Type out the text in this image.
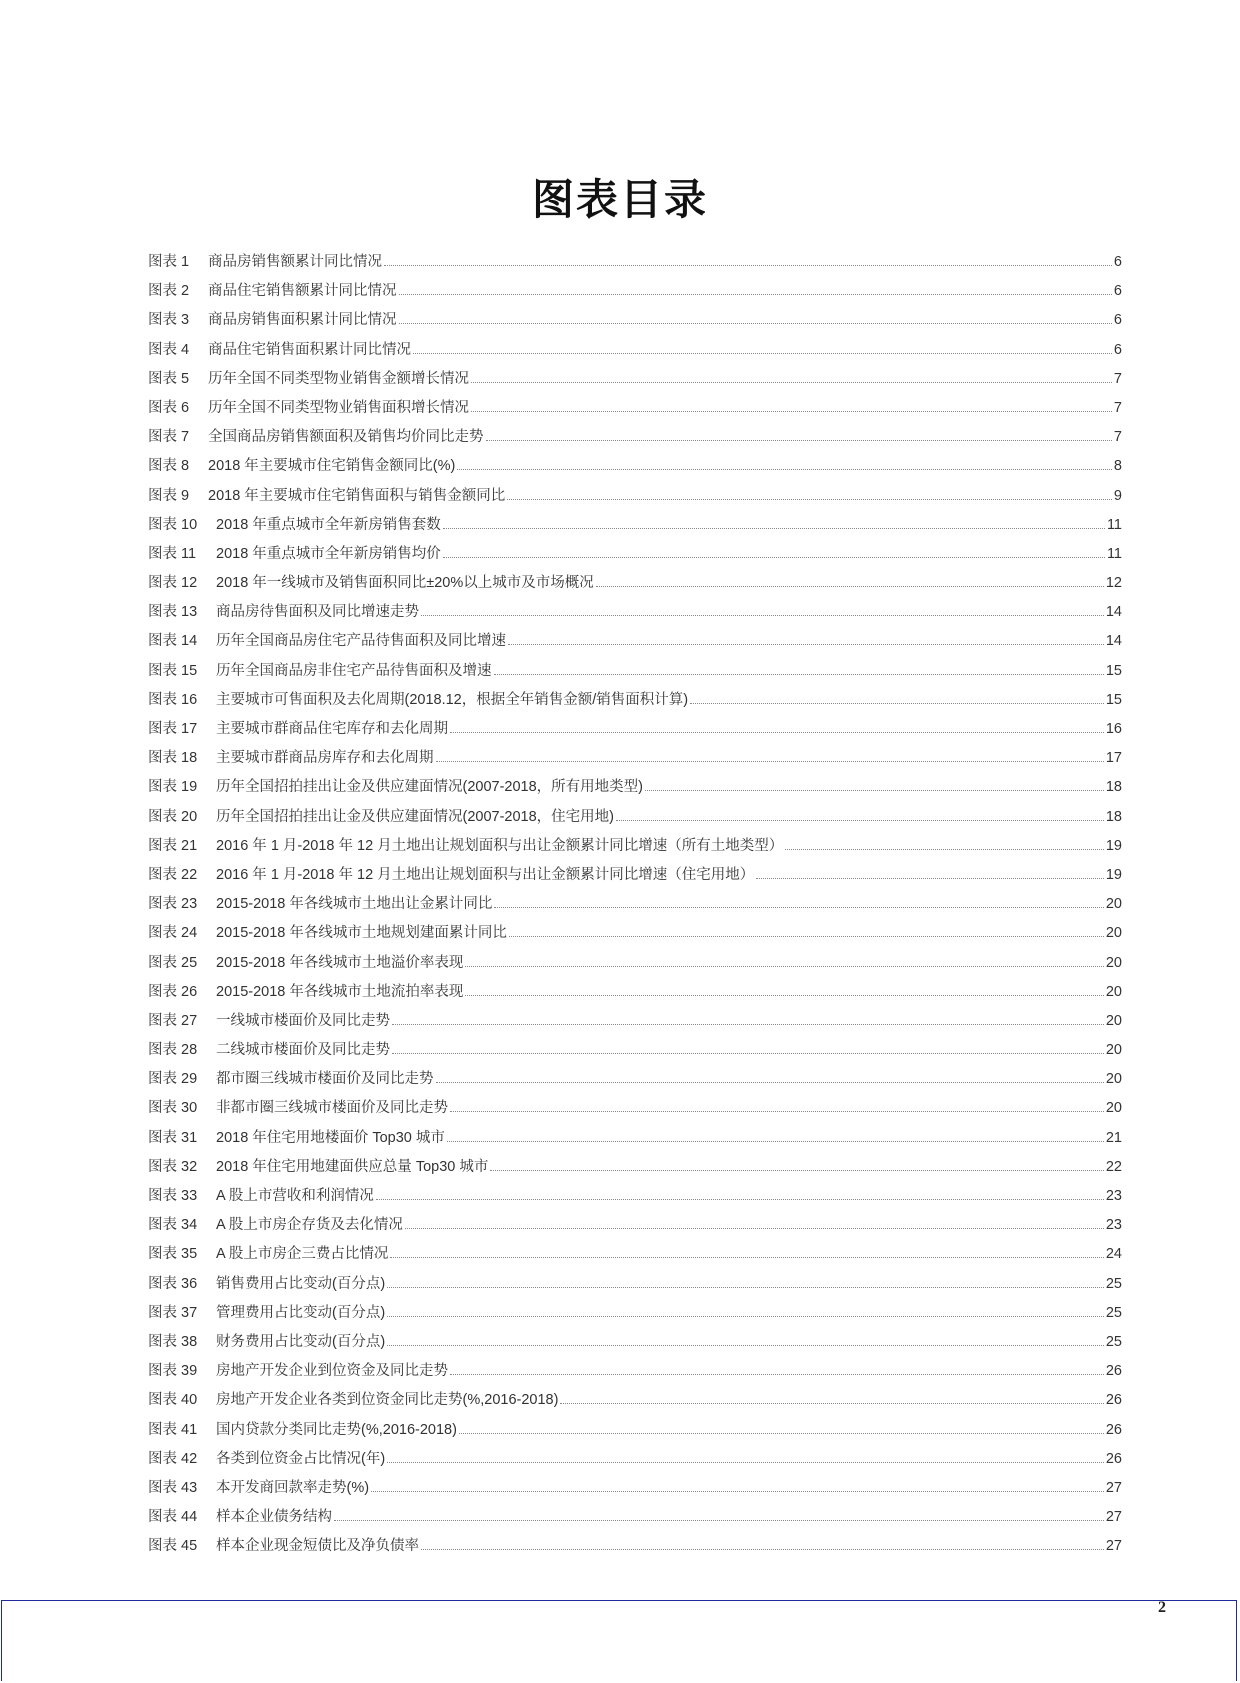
图表目录
图表 1	商品房销售额累计同比情况	6
图表 2	商品住宅销售额累计同比情况	6
图表 3	商品房销售面积累计同比情况	6
图表 4	商品住宅销售面积累计同比情况	6
图表 5	历年全国不同类型物业销售金额增长情况	7
图表 6	历年全国不同类型物业销售面积增长情况	7
图表 7	全国商品房销售额面积及销售均价同比走势	7
图表 8	2018 年主要城市住宅销售金额同比(%)	8
图表 9	2018 年主要城市住宅销售面积与销售金额同比	9
图表 10	2018 年重点城市全年新房销售套数	11
图表 11	2018 年重点城市全年新房销售均价	11
图表 12	2018 年一线城市及销售面积同比±20%以上城市及市场概况	12
图表 13	商品房待售面积及同比增速走势	14
图表 14	历年全国商品房住宅产品待售面积及同比增速	14
图表 15	历年全国商品房非住宅产品待售面积及增速	15
图表 16	主要城市可售面积及去化周期(2018.12，根据全年销售金额/销售面积计算)	15
图表 17	主要城市群商品住宅库存和去化周期	16
图表 18	主要城市群商品房库存和去化周期	17
图表 19	历年全国招拍挂出让金及供应建面情况(2007-2018，所有用地类型)	18
图表 20	历年全国招拍挂出让金及供应建面情况(2007-2018，住宅用地)	18
图表 21	2016 年 1 月-2018 年 12 月土地出让规划面积与出让金额累计同比增速（所有土地类型）	19
图表 22	2016 年 1 月-2018 年 12 月土地出让规划面积与出让金额累计同比增速（住宅用地）	19
图表 23	2015-2018 年各线城市土地出让金累计同比	20
图表 24	2015-2018 年各线城市土地规划建面累计同比	20
图表 25	2015-2018 年各线城市土地溢价率表现	20
图表 26	2015-2018 年各线城市土地流拍率表现	20
图表 27	一线城市楼面价及同比走势	20
图表 28	二线城市楼面价及同比走势	20
图表 29	都市圈三线城市楼面价及同比走势	20
图表 30	非都市圈三线城市楼面价及同比走势	20
图表 31	2018 年住宅用地楼面价 Top30 城市	21
图表 32	2018 年住宅用地建面供应总量 Top30 城市	22
图表 33	A 股上市营收和利润情况	23
图表 34	A 股上市房企存货及去化情况	23
图表 35	A 股上市房企三费占比情况	24
图表 36	销售费用占比变动(百分点)	25
图表 37	管理费用占比变动(百分点)	25
图表 38	财务费用占比变动(百分点)	25
图表 39	房地产开发企业到位资金及同比走势	26
图表 40	房地产开发企业各类到位资金同比走势(%,2016-2018)	26
图表 41	国内贷款分类同比走势(%,2016-2018)	26
图表 42	各类到位资金占比情况(年)	26
图表 43	本开发商回款率走势(%)	27
图表 44	样本企业债务结构	27
图表 45	样本企业现金短债比及净负债率	27
2
